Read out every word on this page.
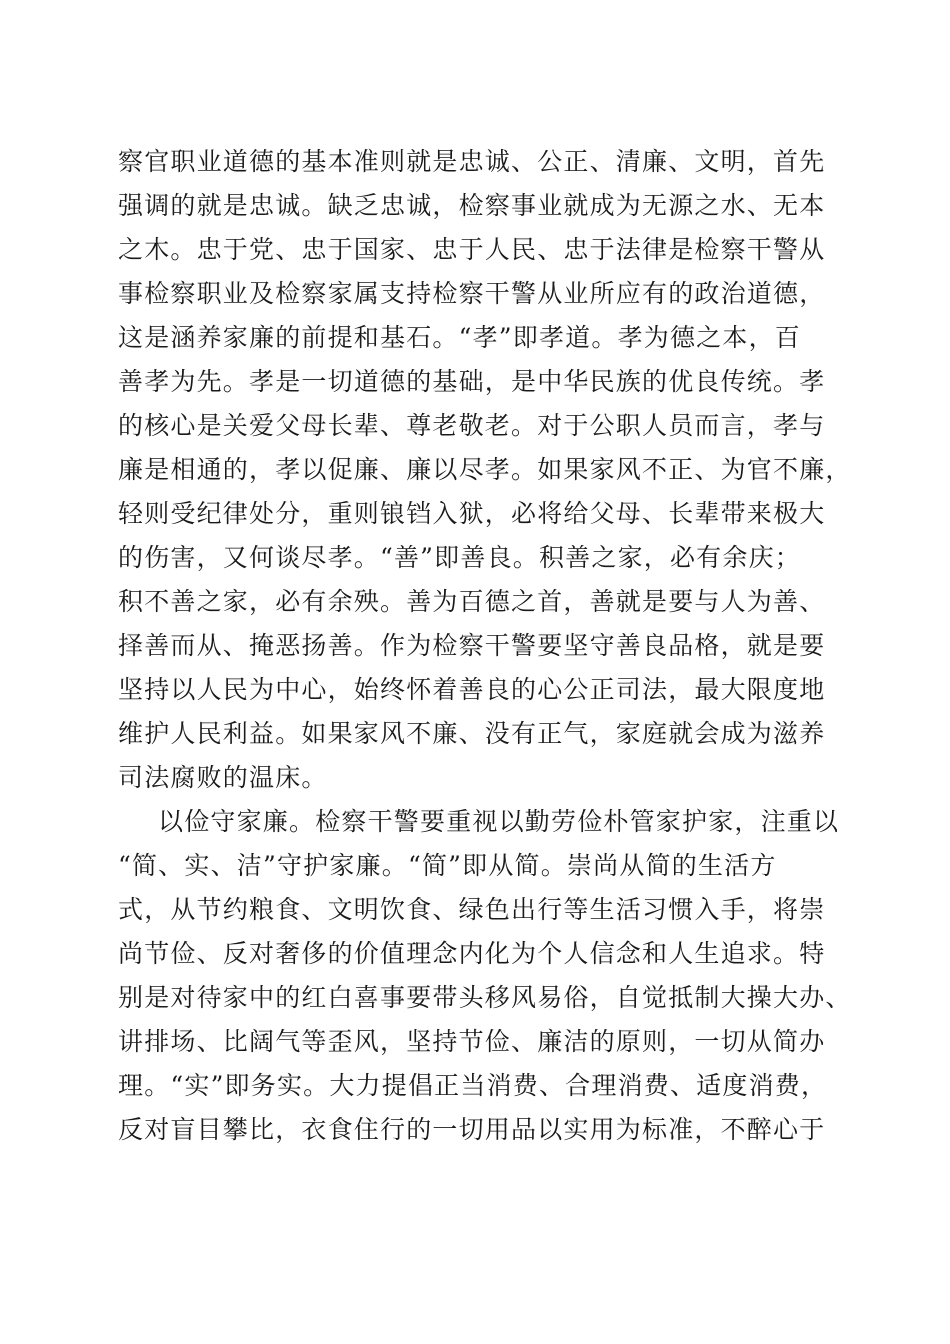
察官职业道德的基本准则就是忠诚、公正、清廉、文明，首先
强调的就是忠诚。缺乏忠诚，检察事业就成为无源之水、无本
之木。忠于党、忠于国家、忠于人民、忠于法律是检察干警从
事检察职业及检察家属支持检察干警从业所应有的政治道德，
这是涵养家廉的前提和基石。“孝”即孝道。孝为德之本，百
善孝为先。孝是一切道德的基础，是中华民族的优良传统。孝
的核心是关爱父母长辈、尊老敬老。对于公职人员而言，孝与
廉是相通的，孝以促廉、廉以尽孝。如果家风不正、为官不廉，
轻则受纪律处分，重则锒铛入狱，必将给父母、长辈带来极大
的伤害，又何谈尽孝。“善”即善良。积善之家，必有余庆；
积不善之家，必有余殃。善为百德之首，善就是要与人为善、
择善而从、掩恶扬善。作为检察干警要坚守善良品格，就是要
坚持以人民为中心，始终怀着善良的心公正司法，最大限度地
维护人民利益。如果家风不廉、没有正气，家庭就会成为滋养
司法腐败的温床。
以俭守家廉。检察干警要重视以勤劳俭朴管家护家，注重以
“简、实、洁”守护家廉。“简”即从简。崇尚从简的生活方
式，从节约粮食、文明饮食、绿色出行等生活习惯入手，将崇
尚节俭、反对奢侈的价值理念内化为个人信念和人生追求。特
别是对待家中的红白喜事要带头移风易俗，自觉抵制大操大办、
讲排场、比阔气等歪风，坚持节俭、廉洁的原则，一切从简办
理。“实”即务实。大力提倡正当消费、合理消费、适度消费，
反对盲目攀比，衣食住行的一切用品以实用为标准，不醉心于
